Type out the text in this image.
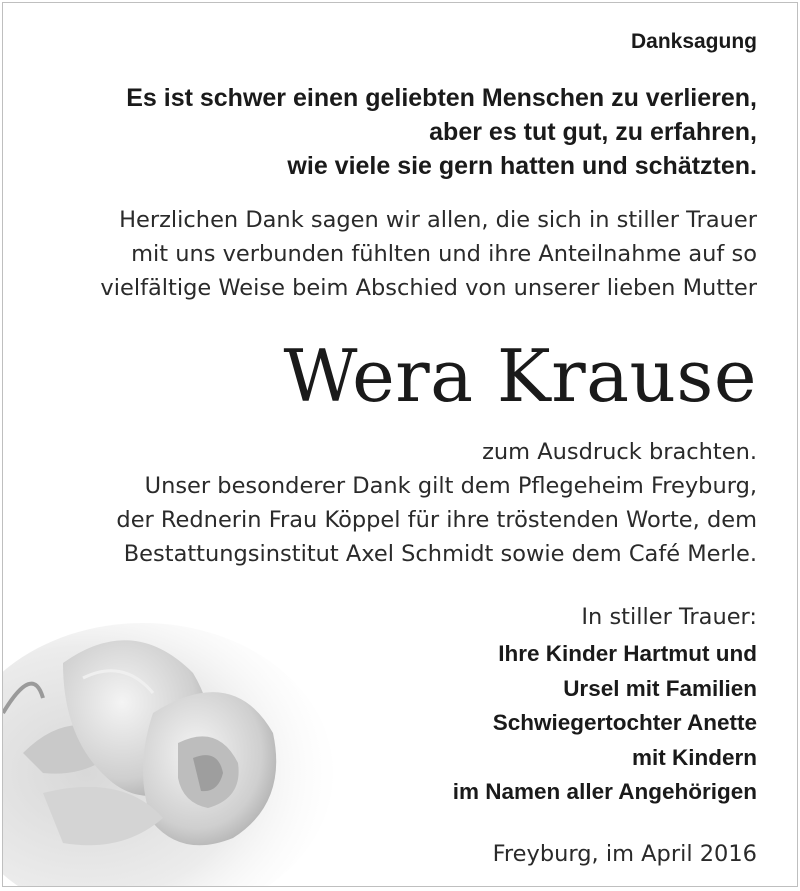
Danksagung
Es ist schwer einen geliebten Menschen zu verlieren,
aber es tut gut, zu erfahren,
wie viele sie gern hatten und schätzten.
Herzlichen Dank sagen wir allen, die sich in stiller Trauer
mit uns verbunden fühlten und ihre Anteilnahme auf so
vielfältige Weise beim Abschied von unserer lieben Mutter
Wera Krause
zum Ausdruck brachten.
Unser besonderer Dank gilt dem Pflegeheim Freyburg,
der Rednerin Frau Köppel für ihre tröstenden Worte, dem
Bestattungsinstitut Axel Schmidt sowie dem Café Merle.
In stiller Trauer:
Ihre Kinder Hartmut und
Ursel mit Familien
Schwiegertochter Anette
mit Kindern
im Namen aller Angehörigen
Freyburg, im April 2016
